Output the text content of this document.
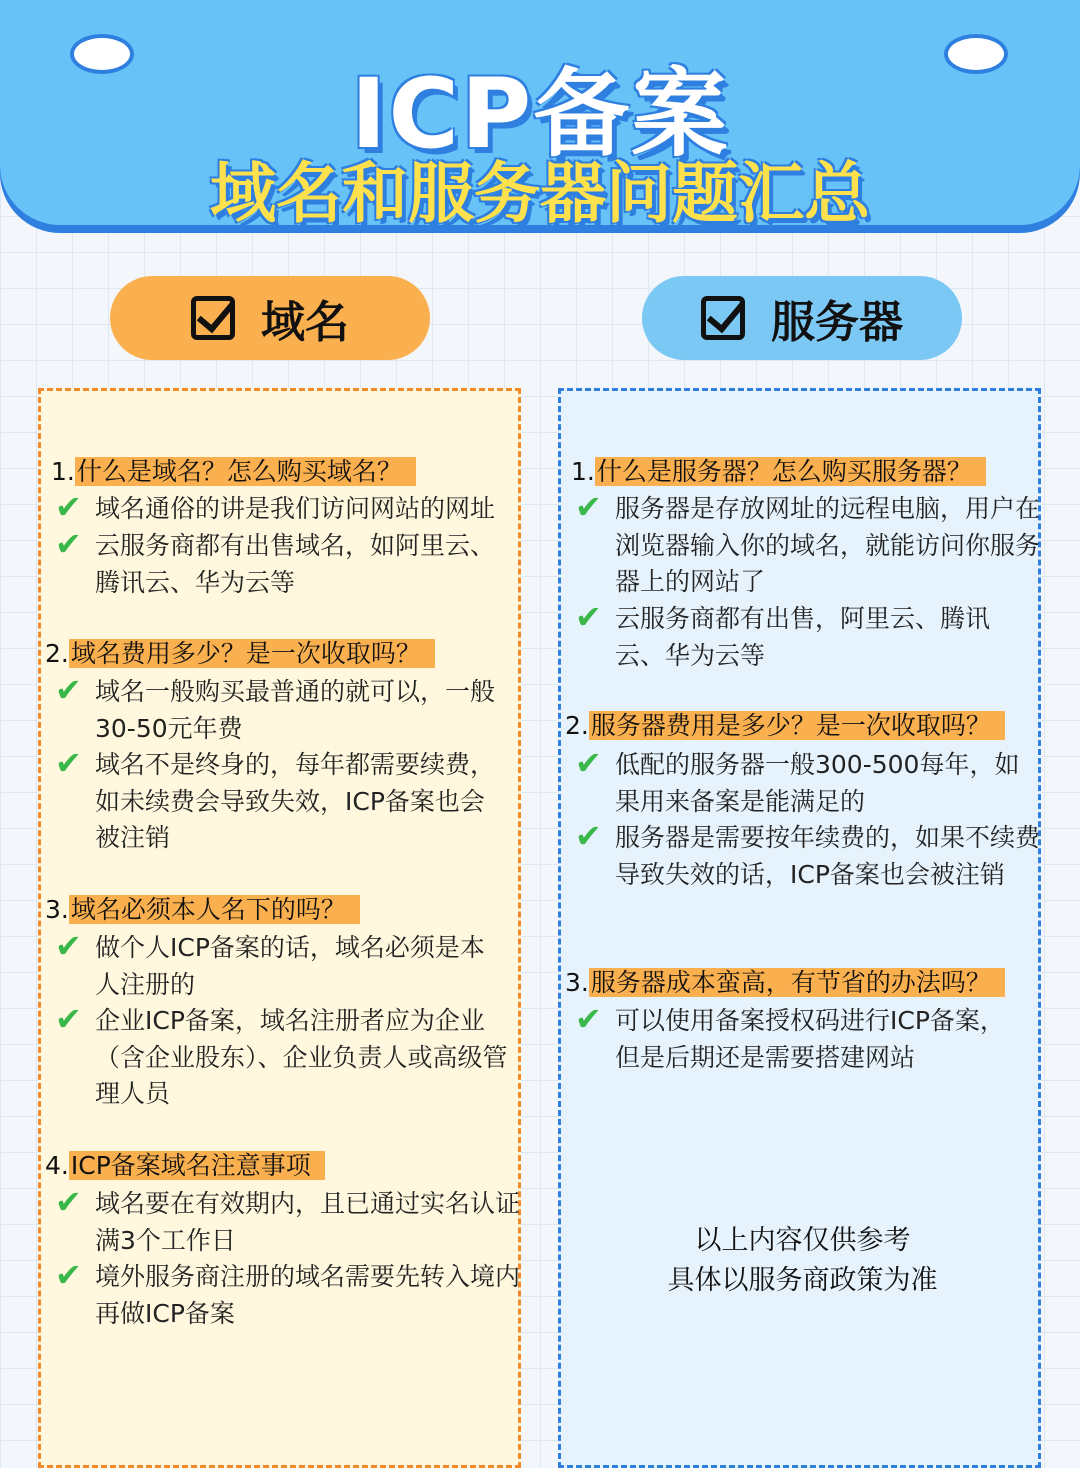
ICP备案
域名和服务器问题汇总
域名	服务器
1.什么是域名？怎么购买域名？
✔ 域名通俗的讲是我们访问网站的网址
✔ 云服务商都有出售域名，如阿里云、腾讯云、华为云等
2.域名费用多少？是一次收取吗？
✔ 域名一般购买最普通的就可以，一般 30-50元年费
✔ 域名不是终身的，每年都需要续费，如未续费会导致失效，ICP备案也会被注销
3.域名必须本人名下的吗？
✔ 做个人ICP备案的话，域名必须是本人注册的
✔ 企业ICP备案，域名注册者应为企业（含企业股东）、企业负责人或高级管理人员
4.ICP备案域名注意事项
✔ 域名要在有效期内，且已通过实名认证满3个工作日
✔ 境外服务商注册的域名需要先转入境内再做ICP备案
1.什么是服务器？怎么购买服务器？
✔ 服务器是存放网址的远程电脑，用户在浏览器输入你的域名，就能访问你服务器上的网站了
✔ 云服务商都有出售，阿里云、腾讯云、华为云等
2.服务器费用是多少？是一次收取吗？
✔ 低配的服务器一般300-500每年，如果用来备案是能满足的
✔ 服务器是需要按年续费的，如果不续费导致失效的话，ICP备案也会被注销
3.服务器成本蛮高，有节省的办法吗？
✔ 可以使用备案授权码进行ICP备案，但是后期还是需要搭建网站
以上内容仅供参考
具体以服务商政策为准
